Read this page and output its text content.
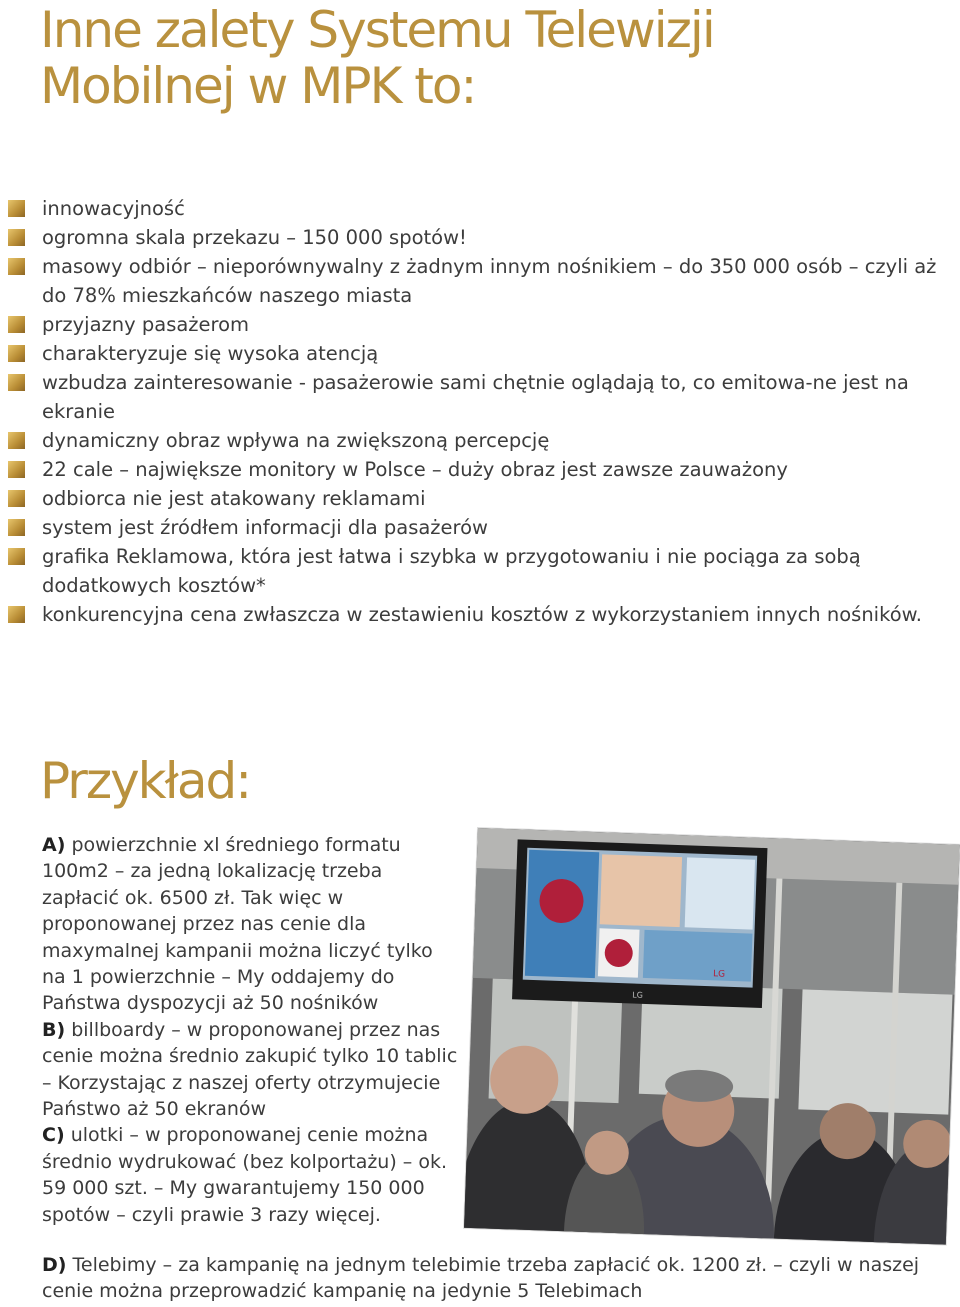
Inne zalety Systemu Telewizji
Mobilnej w MPK to:
innowacyjność
ogromna skala przekazu – 150 000 spotów!
masowy odbiór – nieporównywalny z żadnym innym nośnikiem – do 350 000 osób – czyli aż do 78% mieszkańców naszego miasta
przyjazny pasażerom
charakteryzuje się wysoka atencją
wzbudza zainteresowanie - pasażerowie sami chętnie oglądają to, co emitowa-ne jest na ekranie
dynamiczny obraz wpływa na zwiększoną percepcję
22 cale – największe monitory w Polsce – duży obraz jest zawsze zauważony
odbiorca nie jest atakowany reklamami
system jest źródłem informacji dla pasażerów
grafika Reklamowa, która jest łatwa i szybka w przygotowaniu i nie pociąga za sobą dodatkowych kosztów*
konkurencyjna cena zwłaszcza w zestawieniu kosztów z wykorzystaniem innych nośników.
Przykład:

A) powierzchnie xl średniego formatu 100m2 – za jedną lokalizację trzeba zapłacić ok. 6500 zł. Tak więc w proponowanej przez nas cenie dla maxymalnej kampanii można liczyć tylko na 1 powierzchnie – My oddajemy do Państwa dyspozycji aż 50 nośników

B) billboardy – w proponowanej przez nas cenie można średnio zakupić tylko 10 tablic – Korzystając z naszej oferty otrzymujecie Państwo aż 50 ekranów

C) ulotki – w proponowanej cenie można średnio wydrukować (bez kolportażu) – ok. 59 000 szt. – My gwarantujemy 150 000 spotów – czyli prawie 3 razy więcej.

D) Telebimy – za kampanię na jednym telebimie trzeba zapłacić ok. 1200 zł. – czyli w naszej cenie można przeprowadzić kampanię na jedynie 5 Telebimach

LG
LG
